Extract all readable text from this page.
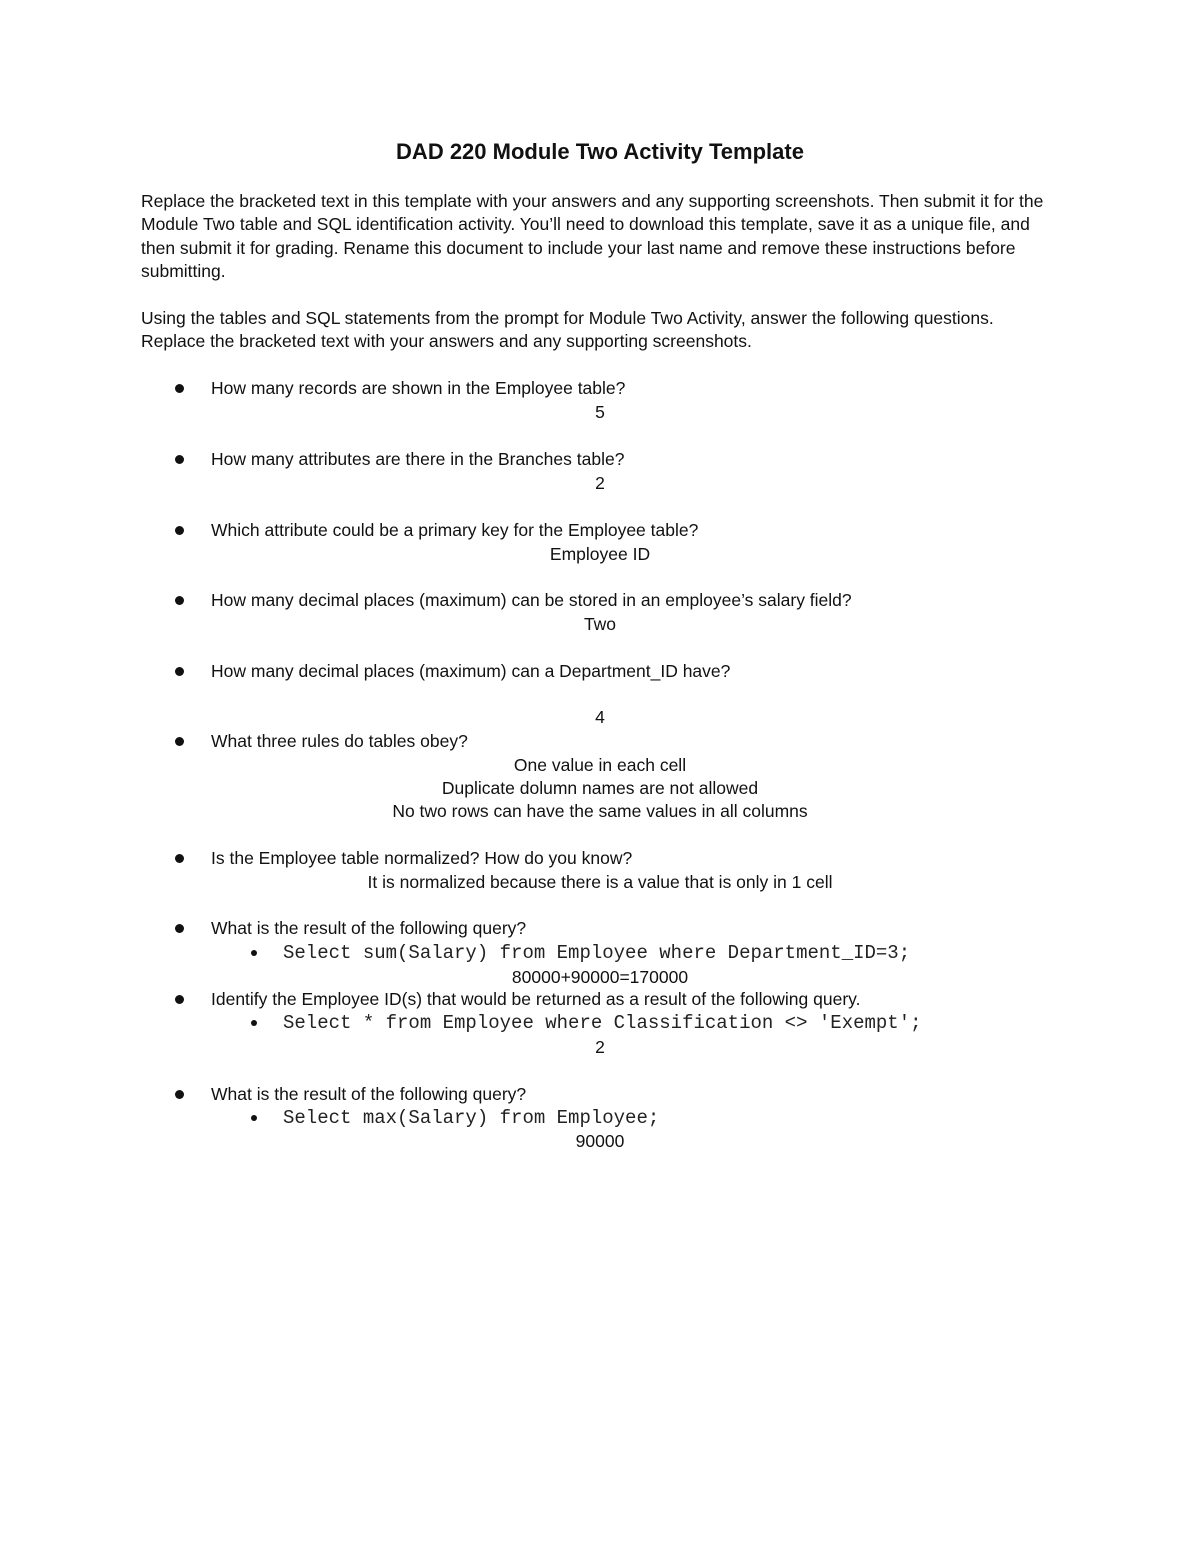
DAD 220 Module Two Activity Template
Replace the bracketed text in this template with your answers and any supporting screenshots. Then submit it for the Module Two table and SQL identification activity. You’ll need to download this template, save it as a unique file, and then submit it for grading. Rename this document to include your last name and remove these instructions before submitting.
Using the tables and SQL statements from the prompt for Module Two Activity, answer the following questions. Replace the bracketed text with your answers and any supporting screenshots.
How many records are shown in the Employee table?
5
How many attributes are there in the Branches table?
2
Which attribute could be a primary key for the Employee table?
Employee ID
How many decimal places (maximum) can be stored in an employee’s salary field?
Two
How many decimal places (maximum) can a Department_ID have?
4
What three rules do tables obey?
One value in each cell
Duplicate dolumn names are not allowed
No two rows can have the same values in all columns
Is the Employee table normalized? How do you know?
It is normalized because there is a value that is only in 1 cell
What is the result of the following query?
Select sum(Salary) from Employee where Department_ID=3;
80000+90000=170000
Identify the Employee ID(s) that would be returned as a result of the following query.
Select * from Employee where Classification <> 'Exempt';
2
What is the result of the following query?
Select max(Salary) from Employee;
90000
